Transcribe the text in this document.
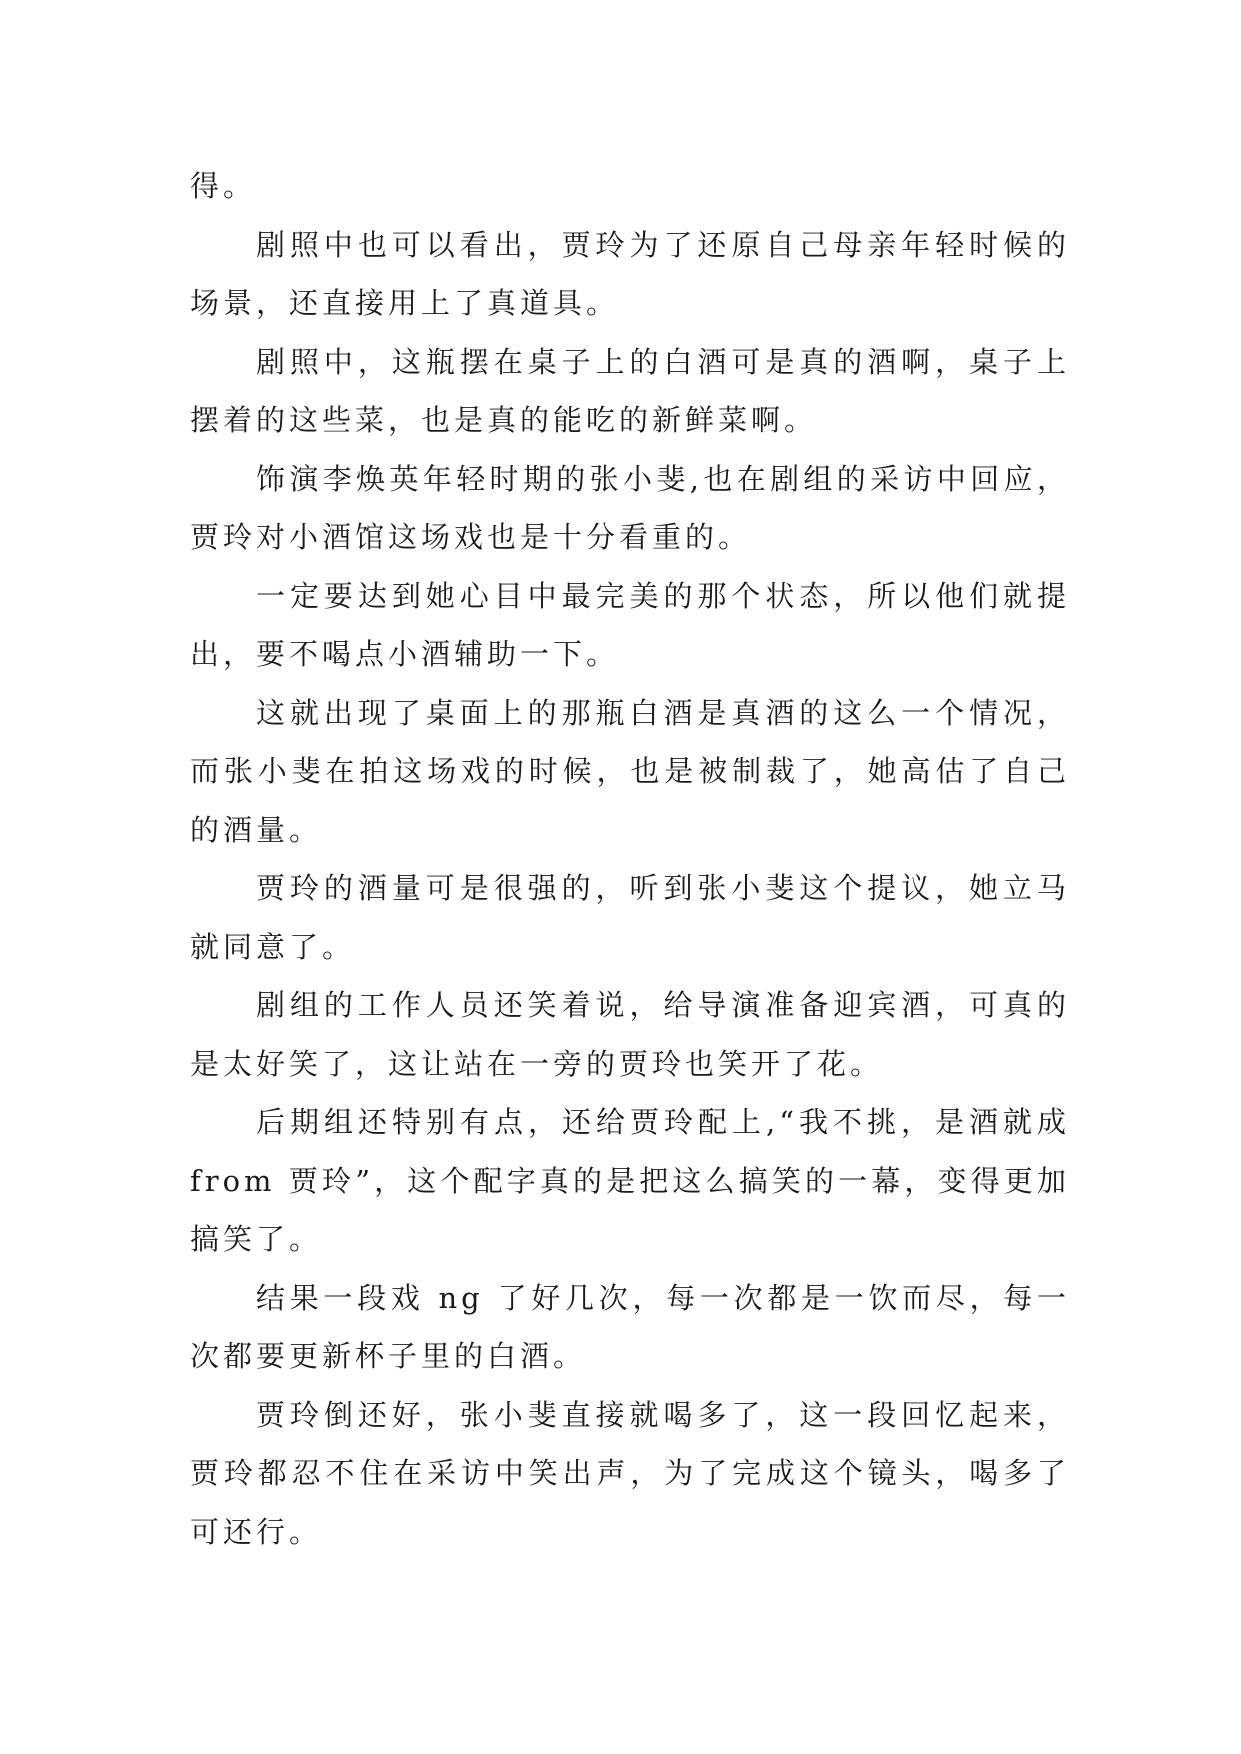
得。

剧照中也可以看出，贾玲为了还原自己母亲年轻时候的场景，还直接用上了真道具。

剧照中，这瓶摆在桌子上的白酒可是真的酒啊，桌子上摆着的这些菜，也是真的能吃的新鲜菜啊。

饰演李焕英年轻时期的张小斐,也在剧组的采访中回应，贾玲对小酒馆这场戏也是十分看重的。

一定要达到她心目中最完美的那个状态，所以他们就提出，要不喝点小酒辅助一下。

这就出现了桌面上的那瓶白酒是真酒的这么一个情况，而张小斐在拍这场戏的时候，也是被制裁了，她高估了自己的酒量。

贾玲的酒量可是很强的，听到张小斐这个提议，她立马就同意了。

剧组的工作人员还笑着说，给导演准备迎宾酒，可真的是太好笑了，这让站在一旁的贾玲也笑开了花。

后期组还特别有点，还给贾玲配上,“我不挑，是酒就成 from 贾玲”，这个配字真的是把这么搞笑的一幕，变得更加搞笑了。

结果一段戏 ng 了好几次，每一次都是一饮而尽，每一次都要更新杯子里的白酒。

贾玲倒还好，张小斐直接就喝多了，这一段回忆起来，贾玲都忍不住在采访中笑出声，为了完成这个镜头，喝多了可还行。
